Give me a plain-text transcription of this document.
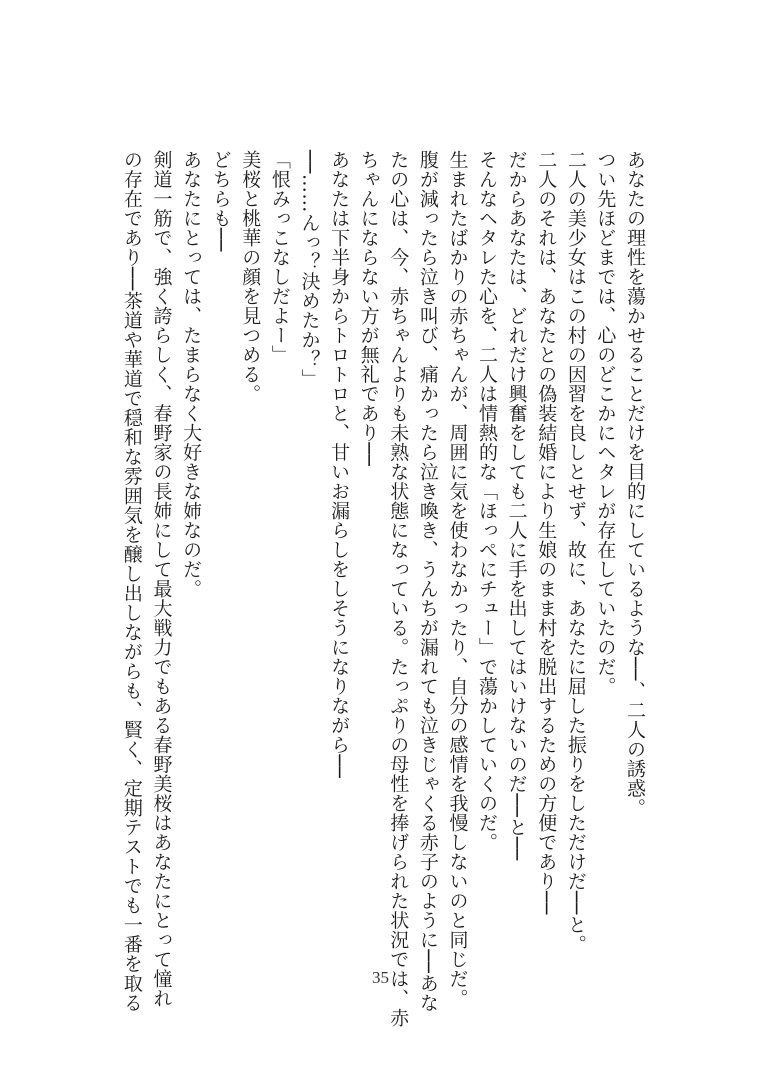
あなたの理性を蕩かせることだけを目的にしているような──、二人の誘惑。
つい先ほどまでは、心のどこかにヘタレが存在していたのだ。
二人の美少女はこの村の因習を良しとせず、故に、あなたに屈した振りをしただけだ──と。
二人のそれは、あなたとの偽装結婚により生娘のまま村を脱出するための方便であり──
だからあなたは、どれだけ興奮をしても二人に手を出してはいけないのだ──と──
そんなヘタレた心を、二人は情熱的な「ほっぺにチュー」で蕩かしていくのだ。
生まれたばかりの赤ちゃんが、周囲に気を使わなかったり、自分の感情を我慢しないのと同じだ。
腹が減ったら泣き叫び、痛かったら泣き喚き、うんちが漏れても泣きじゃくる赤子のように──あな
たの心は、今、赤ちゃんよりも未熟な状態になっている。たっぷりの母性を捧げられた状況では、赤
ちゃんにならない方が無礼であり──
あなたは下半身からトロトロと、甘いお漏らしをしそうになりながら──
──……んっ？決めたか？」
「恨みっこなしだよー」
美桜と桃華の顔を見つめる。
どちらも──
あなたにとっては、たまらなく大好きな姉なのだ。
剣道一筋で、強く誇らしく、春野家の長姉にして最大戦力でもある春野美桜はあなたにとって憧れ
の存在であり──茶道や華道で穏和な雰囲気を醸し出しながらも、賢く、定期テストでも一番を取る	35
